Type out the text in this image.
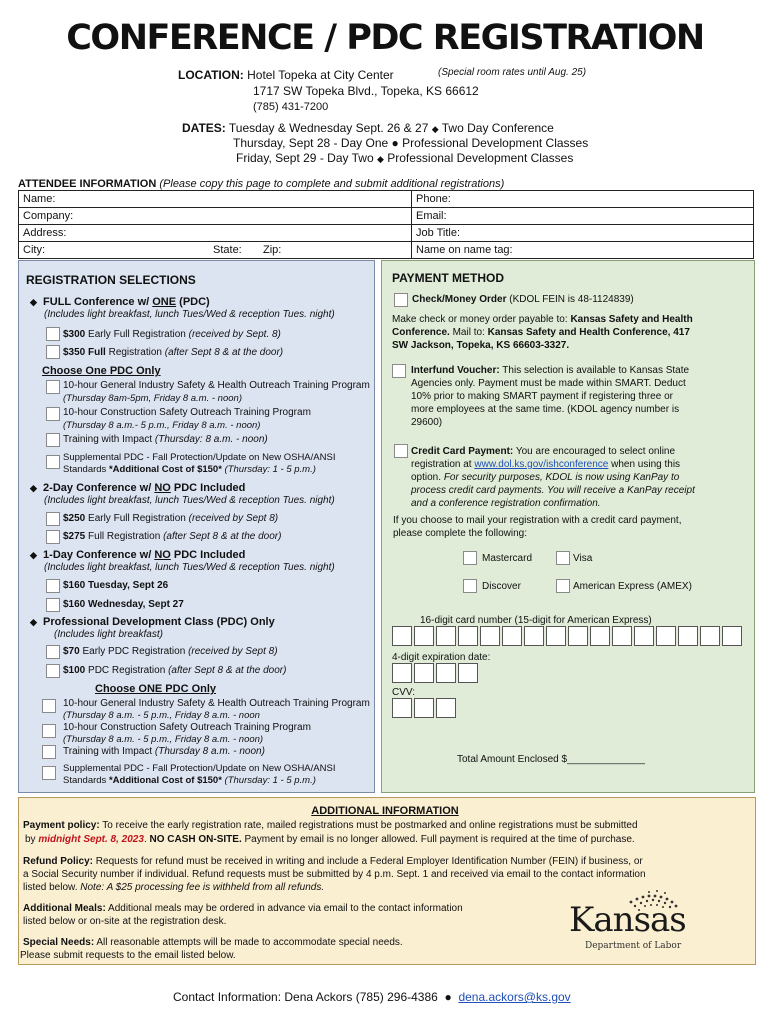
CONFERENCE / PDC REGISTRATION
LOCATION: Hotel Topeka at City Center	(Special room rates until Aug. 25)
1717 SW Topeka Blvd., Topeka, KS 66612
(785) 431-7200
DATES: Tuesday & Wednesday Sept. 26 & 27 ◆ Two Day Conference
Thursday, Sept 28 - Day One ● Professional Development Classes
Friday, Sept 29 - Day Two ◆ Professional Development Classes
ATTENDEE INFORMATION (Please copy this page to complete and submit additional registrations)
Name:	Phone:
Company:	Email:
Address:	Job Title:
City: State: Zip:	Name on name tag:
REGISTRATION SELECTIONS
◆ FULL Conference w/ ONE (PDC)
(Includes light breakfast, lunch Tues/Wed & reception Tues. night)
$300 Early Full Registration (received by Sept. 8)
$350 Full Registration (after Sept 8 & at the door)
Choose One PDC Only
10-hour General Industry Safety & Health Outreach Training Program
(Thursday 8am-5pm, Friday 8 a.m. - noon)
10-hour Construction Safety Outreach Training Program
(Thursday 8 a.m.- 5 p.m., Friday 8 a.m. - noon)
Training with Impact (Thursday: 8 a.m. - noon)
Supplemental PDC - Fall Protection/Update on New OSHA/ANSI
Standards *Additional Cost of $150* (Thursday: 1 - 5 p.m.)
◆ 2-Day Conference w/ NO PDC Included
(Includes light breakfast, lunch Tues/Wed & reception Tues. night)
$250 Early Full Registration (received by Sept 8)
$275 Full Registration (after Sept 8 & at the door)
◆ 1-Day Conference w/ NO PDC Included
(Includes light breakfast, lunch Tues/Wed & reception Tues. night)
$160 Tuesday, Sept 26
$160 Wednesday, Sept 27
◆ Professional Development Class (PDC) Only
(Includes light breakfast)
$70 Early PDC Registration (received by Sept 8)
$100 PDC Registration (after Sept 8 & at the door)
Choose ONE PDC Only
10-hour General Industry Safety & Health Outreach Training Program
(Thursday 8 a.m. - 5 p.m., Friday 8 a.m. - noon
10-hour Construction Safety Outreach Training Program
(Thursday 8 a.m. - 5 p.m., Friday 8 a.m. - noon)
Training with Impact (Thursday 8 a.m. - noon)
Supplemental PDC - Fall Protection/Update on New OSHA/ANSI
Standards *Additional Cost of $150* (Thursday: 1 - 5 p.m.)
PAYMENT METHOD
Check/Money Order (KDOL FEIN is 48-1124839)
Make check or money order payable to: Kansas Safety and Health
Conference. Mail to: Kansas Safety and Health Conference, 417
SW Jackson, Topeka, KS 66603-3327.
Interfund Voucher: This selection is available to Kansas State
Agencies only. Payment must be made within SMART. Deduct
10% prior to making SMART payment if registering three or
more employees at the same time. (KDOL agency number is
29600)
Credit Card Payment: You are encouraged to select online
registration at www.dol.ks.gov/ishconference when using this
option. For security purposes, KDOL is now using KanPay to
process credit card payments. You will receive a KanPay receipt
and a conference registration confirmation.
If you choose to mail your registration with a credit card payment,
please complete the following:
Mastercard	Visa
Discover	American Express (AMEX)
16-digit card number (15-digit for American Express)
4-digit expiration date:
CVV:
Total Amount Enclosed $______________
ADDITIONAL INFORMATION
Payment policy: To receive the early registration rate, mailed registrations must be postmarked and online registrations must be submitted
by midnight Sept. 8, 2023. NO CASH ON-SITE. Payment by email is no longer allowed. Full payment is required at the time of purchase.
Refund Policy: Requests for refund must be received in writing and include a Federal Employer Identification Number (FEIN) if business, or
a Social Security number if individual. Refund requests must be submitted by 4 p.m. Sept. 1 and received via email to the contact information
listed below. Note: A $25 processing fee is withheld from all refunds.
Additional Meals: Additional meals may be ordered in advance via email to the contact information
listed below or on-site at the registration desk.
Special Needs: All reasonable attempts will be made to accommodate special needs.
Please submit requests to the email listed below.
Kansas
Department of Labor
Contact Information: Dena Ackors (785) 296-4386  ●  dena.ackors@ks.gov
